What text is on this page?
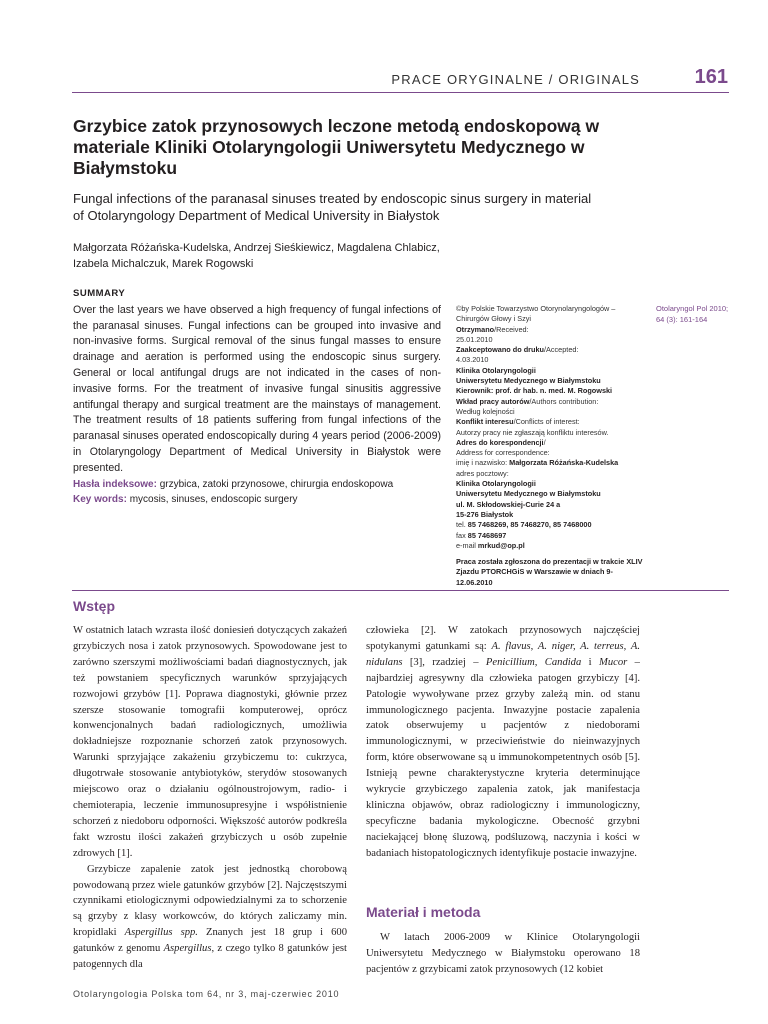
PRACE ORYGINALNE / ORIGINALS	161
Grzybice zatok przynosowych leczone metodą endoskopową w materiale Kliniki Otolaryngologii Uniwersytetu Medycznego w Białymstoku
Fungal infections of the paranasal sinuses treated by endoscopic sinus surgery in material of Otolaryngology Department of Medical University in Białystok
Małgorzata Różańska-Kudelska, Andrzej Sieśkiewicz, Magdalena Chlabicz,
Izabela Michalczuk, Marek Rogowski
SUMMARY
Over the last years we have observed a high frequency of fungal infections of the paranasal sinuses. Fungal infections can be grouped into invasive and non-invasive forms. Surgical removal of the sinus fungal masses to ensure drainage and aeration is performed using the endoscopic sinus surgery. General or local antifungal drugs are not indicated in the cases of non-invasive forms. For the treatment of invasive fungal sinusitis aggressive antifungal therapy and surgical treatment are the mainstays of management. The treatment results of 18 patients suffering from fungal infections of the paranasal sinuses operated endoscopically during 4 years period (2006-2009) in Otolaryngology Department of Medical University in Białystok were presented.
Hasła indeksowe: grzybica, zatoki przynosowe, chirurgia endoskopowa
Key words: mycosis, sinuses, endoscopic surgery
©by Polskie Towarzystwo Otorynolaryngologów – Chirurgów Głowy i Szyi
Otrzymano/Received:
25.01.2010
Zaakceptowano do druku/Accepted:
4.03.2010
Klinika Otolaryngologii
Uniwersytetu Medycznego w Białymstoku
Kierownik: prof. dr hab. n. med. M. Rogowski
Wkład pracy autorów/Authors contribution:
Według kolejności
Konflikt interesu/Conflicts of interest:
Autorzy pracy nie zgłaszają konfliktu interesów.
Adres do korespondencji/
Address for correspondence:
imię i nazwisko: Małgorzata Różańska-Kudelska
adres pocztowy:
Klinika Otolaryngologii
Uniwersytetu Medycznego w Białymstoku
ul. M. Skłodowskiej-Curie 24 a
15-276 Białystok
tel. 85 7468269, 85 7468270, 85 7468000
fax 85 7468697
e-mail mrkud@op.pl
Praca została zgłoszona do prezentacji w trakcie XLIV Zjazdu PTORCHGiS w Warszawie w dniach 9-12.06.2010
Otolaryngol Pol 2010;
64 (3): 161-164
Wstęp

W ostatnich latach wzrasta ilość doniesień dotyczących zakażeń grzybiczych nosa i zatok przynosowych. Spowodowane jest to zarówno szerszymi możliwościami badań diagnostycznych, jak też powstaniem specyficznych warunków sprzyjających rozwojowi grzybów [1]. Poprawa diagnostyki, głównie przez szersze stosowanie tomografii komputerowej, oprócz konwencjonalnych badań radiologicznych, umożliwia dokładniejsze rozpoznanie schorzeń zatok przynosowych. Warunki sprzyjające zakażeniu grzybiczemu to: cukrzyca, długotrwałe stosowanie antybiotyków, sterydów stosowanych miejscowo oraz o działaniu ogólnoustrojowym, radio- i chemioterapia, leczenie immunosupresyjne i współistnienie schorzeń z niedoboru odporności. Większość autorów podkreśla fakt wzrostu ilości zakażeń grzybiczych u osób zupełnie zdrowych [1].

Grzybicze zapalenie zatok jest jednostką chorobową powodowaną przez wiele gatunków grzybów [2]. Najczęstszymi czynnikami etiologicznymi odpowiedzialnymi za to schorzenie są grzyby z klasy workowców, do których zaliczamy min. kropidlaki Aspergillus spp. Znanych jest 18 grup i 600 gatunków z genomu Aspergillus, z czego tylko 8 gatunków jest patogennych dla

człowieka [2]. W zatokach przynosowych najczęściej spotykanymi gatunkami są: A. flavus, A. niger, A. terreus, A. nidulans [3], rzadziej – Penicillium, Candida i Mucor – najbardziej agresywny dla człowieka patogen grzybiczy [4]. Patologie wywoływane przez grzyby zależą min. od stanu immunologicznego pacjenta. Inwazyjne postacie zapalenia zatok obserwujemy u pacjentów z niedoborami immunologicznymi, w przeciwieństwie do nieinwazyjnych form, które obserwowane są u immunokompetentnych osób [5]. Istnieją pewne charakterystyczne kryteria determinujące wykrycie grzybiczego zapalenia zatok, jak manifestacja kliniczna objawów, obraz radiologiczny i immunologiczny, specyficzne badania mykologiczne. Obecność grzybni naciekającej błonę śluzową, podśluzową, naczynia i kości w badaniach histopatologicznych identyfikuje postacie inwazyjne.

Materiał i metoda

W latach 2006-2009 w Klinice Otolaryngologii Uniwersytetu Medycznego w Białymstoku operowano 18 pacjentów z grzybicami zatok przynosowych (12 kobiet

Otolaryngologia Polska tom 64, nr 3, maj-czerwiec 2010
